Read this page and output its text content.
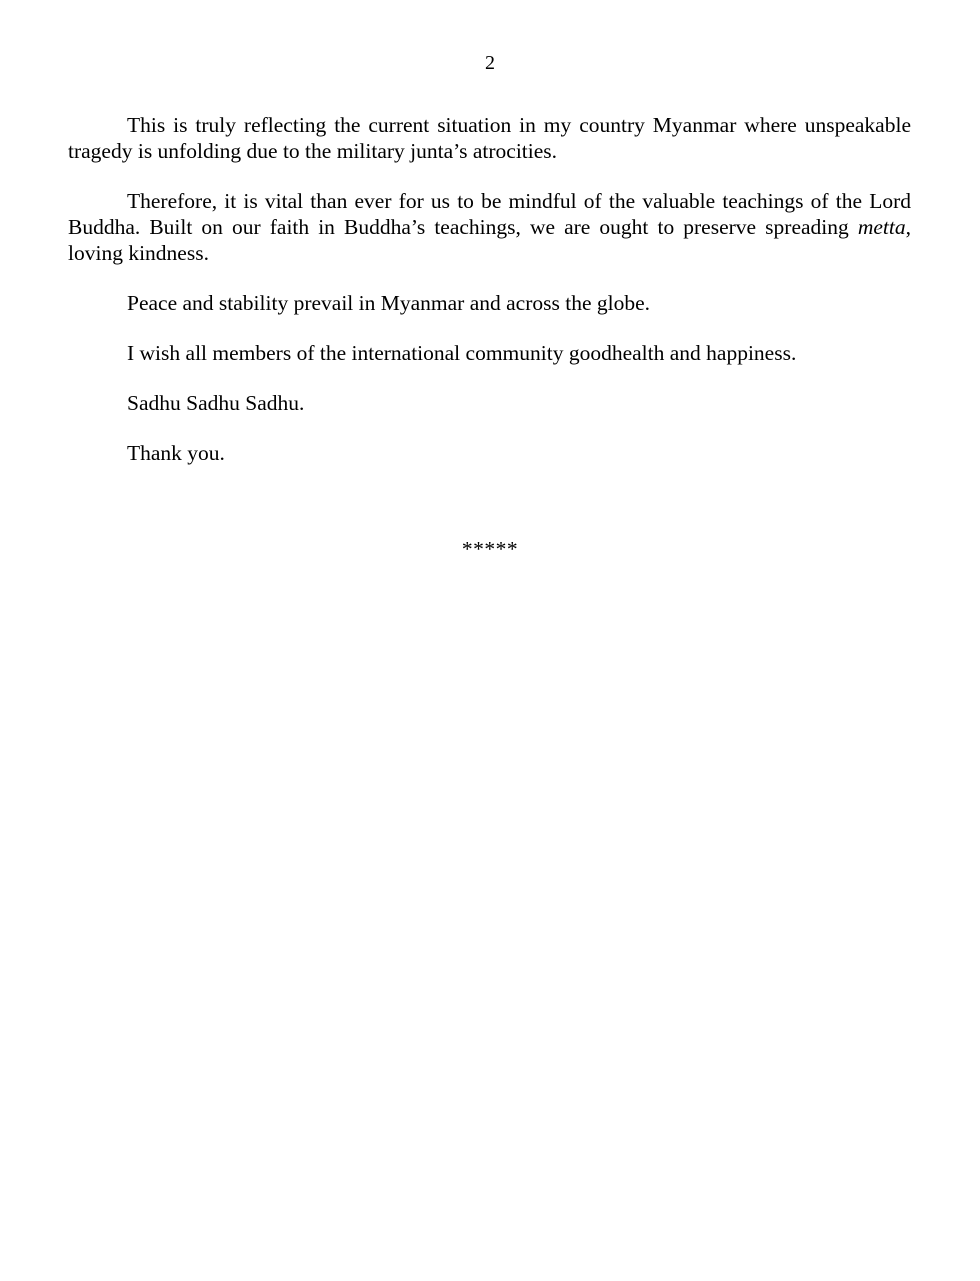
2

This is truly reflecting the current situation in my country Myanmar where unspeakable tragedy is unfolding due to the military junta’s atrocities.

Therefore, it is vital than ever for us to be mindful of the valuable teachings of the Lord Buddha. Built on our faith in Buddha’s teachings, we are ought to preserve spreading metta, loving kindness.

Peace and stability prevail in Myanmar and across the globe.

I wish all members of the international community goodhealth and happiness.

Sadhu Sadhu Sadhu.

Thank you.

*****
